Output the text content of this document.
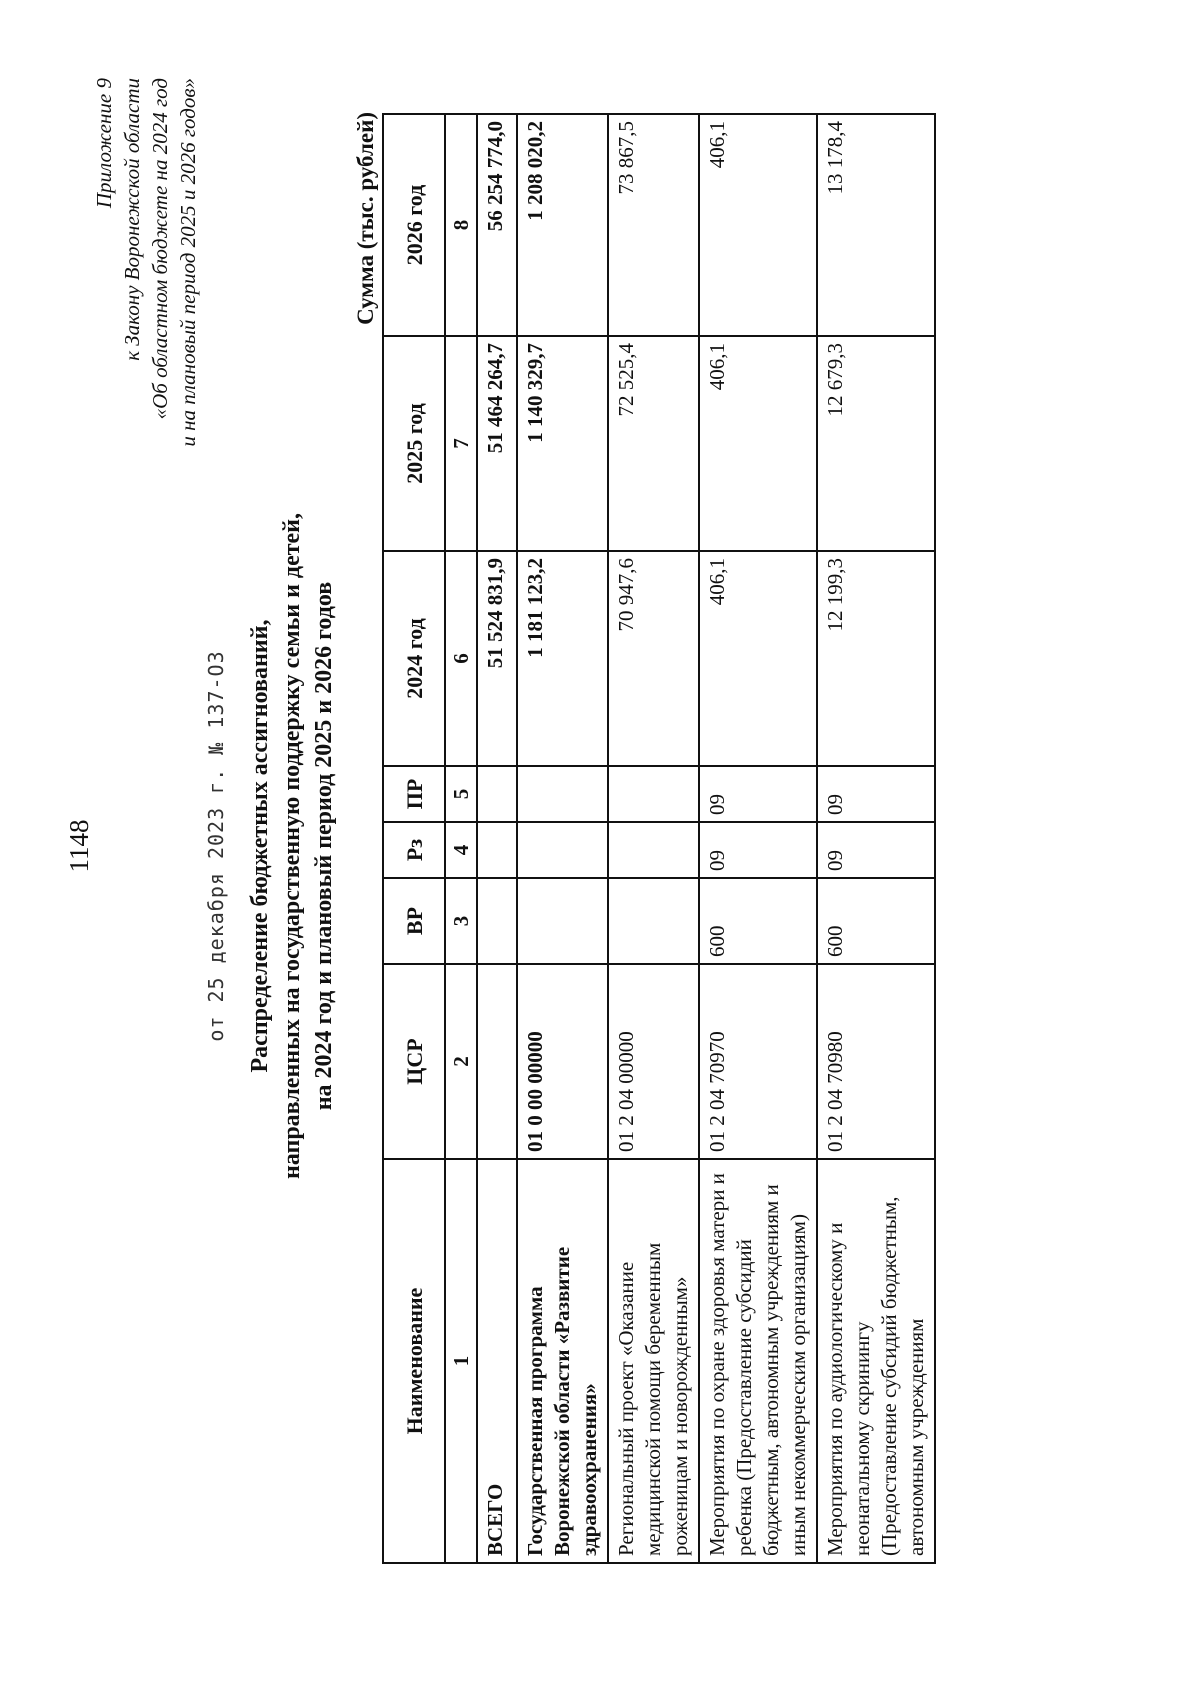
1148
Приложение 9 к Закону Воронежской области «Об областном бюджете на 2024 год и на плановый период 2025 и 2026 годов»
от 25 декабря 2023 г. № 137-ОЗ Распределение бюджетных ассигнований, направленных на государственную поддержку семьи и детей, на 2024 год и плановый период 2025 и 2026 годов
Сумма (тыс. рублей)
Наименование	ЦСР	ВР	Рз	ПР	2024 год	2025 год	2026 год
1	2	3	4	5	6	7	8
ВСЕГО					51 524 831,9	51 464 264,7	56 254 774,0
Государственная программа Воронежской области «Развитие здравоохранения»	01 0 00 00000				1 181 123,2	1 140 329,7	1 208 020,2
Региональный проект «Оказание медицинской помощи беременным роженицам и новорожденным»	01 2 04 00000				70 947,6	72 525,4	73 867,5
Мероприятия по охране здоровья матери и ребенка (Предоставление субсидий бюджетным, автономным учреждениям и иным некоммерческим организациям)	01 2 04 70970	600	09	09	406,1	406,1	406,1
Мероприятия по аудиологическому и неонатальному скринингу (Предоставление субсидий бюджетным, автономным учреждениям	01 2 04 70980	600	09	09	12 199,3	12 679,3	13 178,4
